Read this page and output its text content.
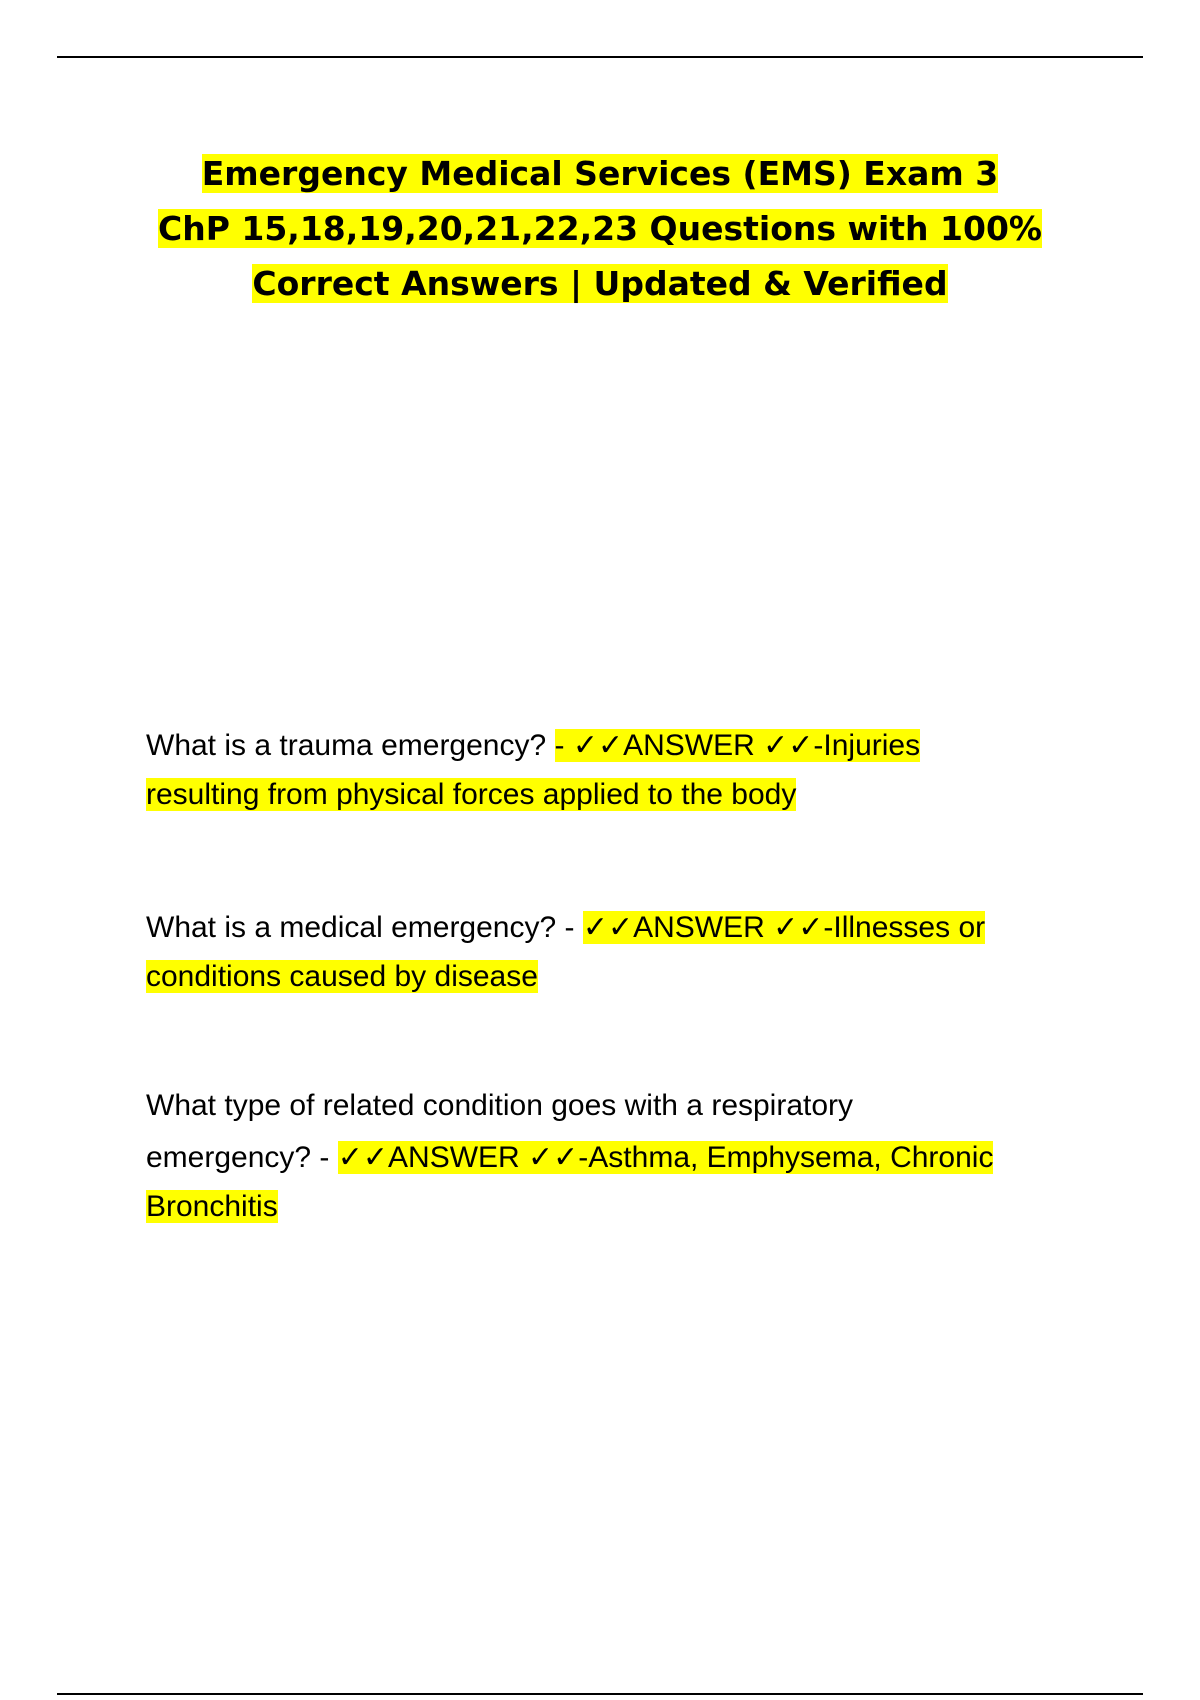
Emergency Medical Services (EMS) Exam 3
ChP 15,18,19,20,21,22,23 Questions with 100%
Correct Answers | Updated & Verified

What is a trauma emergency? - ✓✓ANSWER ✓✓-Injuries
resulting from physical forces applied to the body

What is a medical emergency? - ✓✓ANSWER ✓✓-Illnesses or
conditions caused by disease

What type of related condition goes with a respiratory
emergency? - ✓✓ANSWER ✓✓-Asthma, Emphysema, Chronic
Bronchitis
